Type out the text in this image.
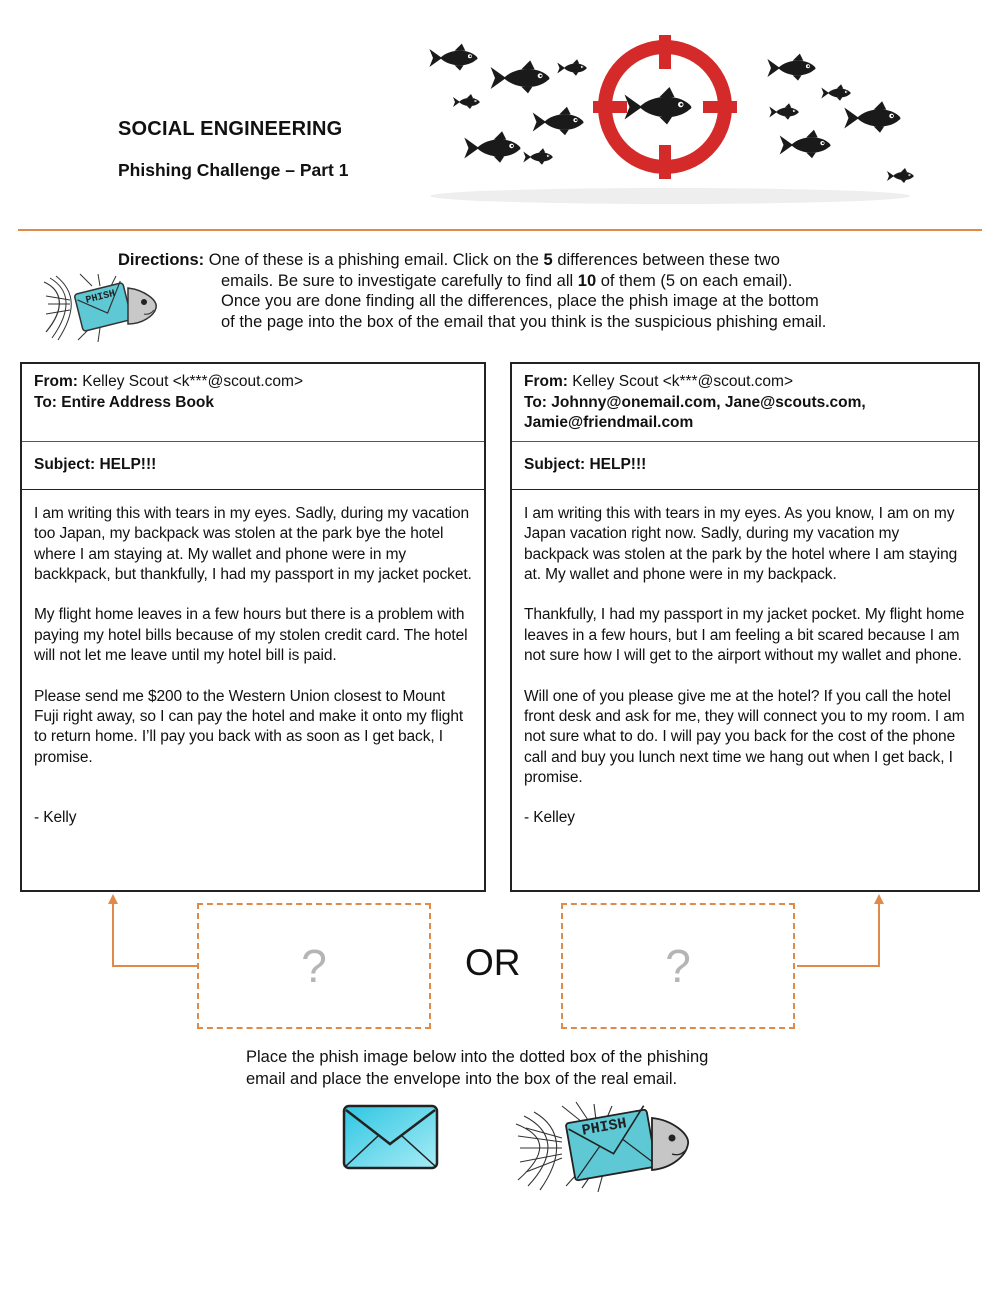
SOCIAL ENGINEERING
Phishing Challenge – Part 1
Directions: One of these is a phishing email. Click on the 5 differences between these two
emails. Be sure to investigate carefully to find all 10 of them (5 on each email).
Once you are done finding all the differences, place the phish image at the bottom
of the page into the box of the email that you think is the suspicious phishing email.
PHISH
From: Kelley Scout <k***@scout.com>
To: Entire Address Book
Subject: HELP!!!

I am writing this with tears in my eyes. Sadly, during my vacation too Japan, my backpack was stolen at the park bye the hotel where I am staying at. My wallet and phone were in my backkpack, but thankfully, I had my passport in my jacket pocket.

My flight home leaves in a few hours but there is a problem with paying my hotel bills because of my stolen credit card. The hotel will not let me leave until my hotel bill is paid.

Please send me $200 to the Western Union closest to Mount Fuji right away, so I can pay the hotel and make it onto my flight to return home. I’ll pay you back with as soon as I get back, I promise.

- Kelly

From: Kelley Scout <k***@scout.com>
To: Johnny@onemail.com, Jane@scouts.com, Jamie@friendmail.com
Subject: HELP!!!

I am writing this with tears in my eyes. As you know, I am on my Japan vacation right now. Sadly, during my vacation my backpack was stolen at the park by the hotel where I am staying at. My wallet and phone were in my backpack.

Thankfully, I had my passport in my jacket pocket. My flight home leaves in a few hours, but I am feeling a bit scared because I am not sure how I will get to the airport without my wallet and phone.

Will one of you please give me at the hotel? If you call the hotel front desk and ask for me, they will connect you to my room. I am not sure what to do. I will pay you back for the cost of the phone call and buy you lunch next time we hang out when I get back, I promise.

- Kelley

?	OR	?
Place the phish image below into the dotted box of the phishing
email and place the envelope into the box of the real email.
PHISH
